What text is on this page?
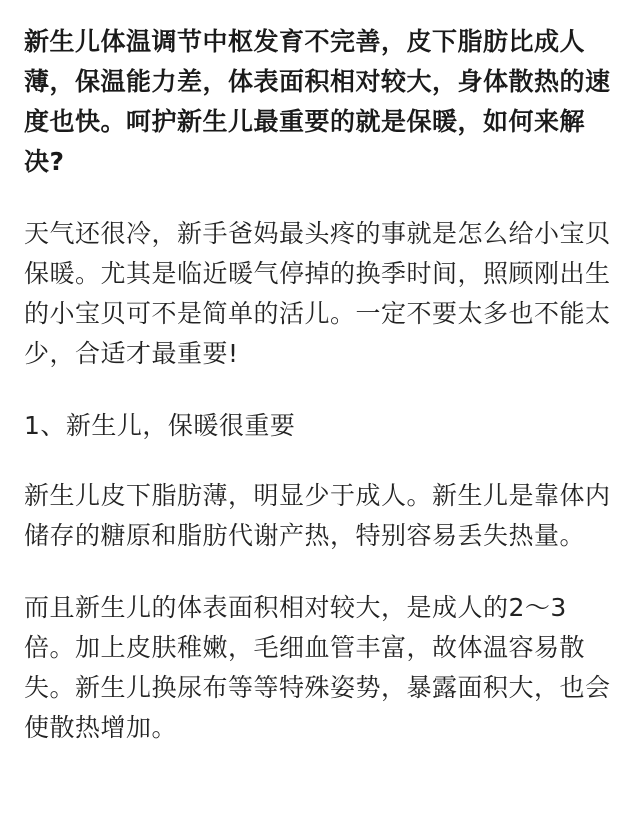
新生儿体温调节中枢发育不完善，皮下脂肪比成人薄，保温能力差，体表面积相对较大，身体散热的速度也快。呵护新生儿最重要的就是保暖，如何来解决?

天气还很冷，新手爸妈最头疼的事就是怎么给小宝贝保暖。尤其是临近暖气停掉的换季时间，照顾刚出生的小宝贝可不是简单的活儿。一定不要太多也不能太少，合适才最重要!

1、新生儿，保暖很重要

新生儿皮下脂肪薄，明显少于成人。新生儿是靠体内储存的糖原和脂肪代谢产热，特别容易丢失热量。

而且新生儿的体表面积相对较大，是成人的2～3倍。加上皮肤稚嫩，毛细血管丰富，故体温容易散失。新生儿换尿布等等特殊姿势，暴露面积大，也会使散热增加。
